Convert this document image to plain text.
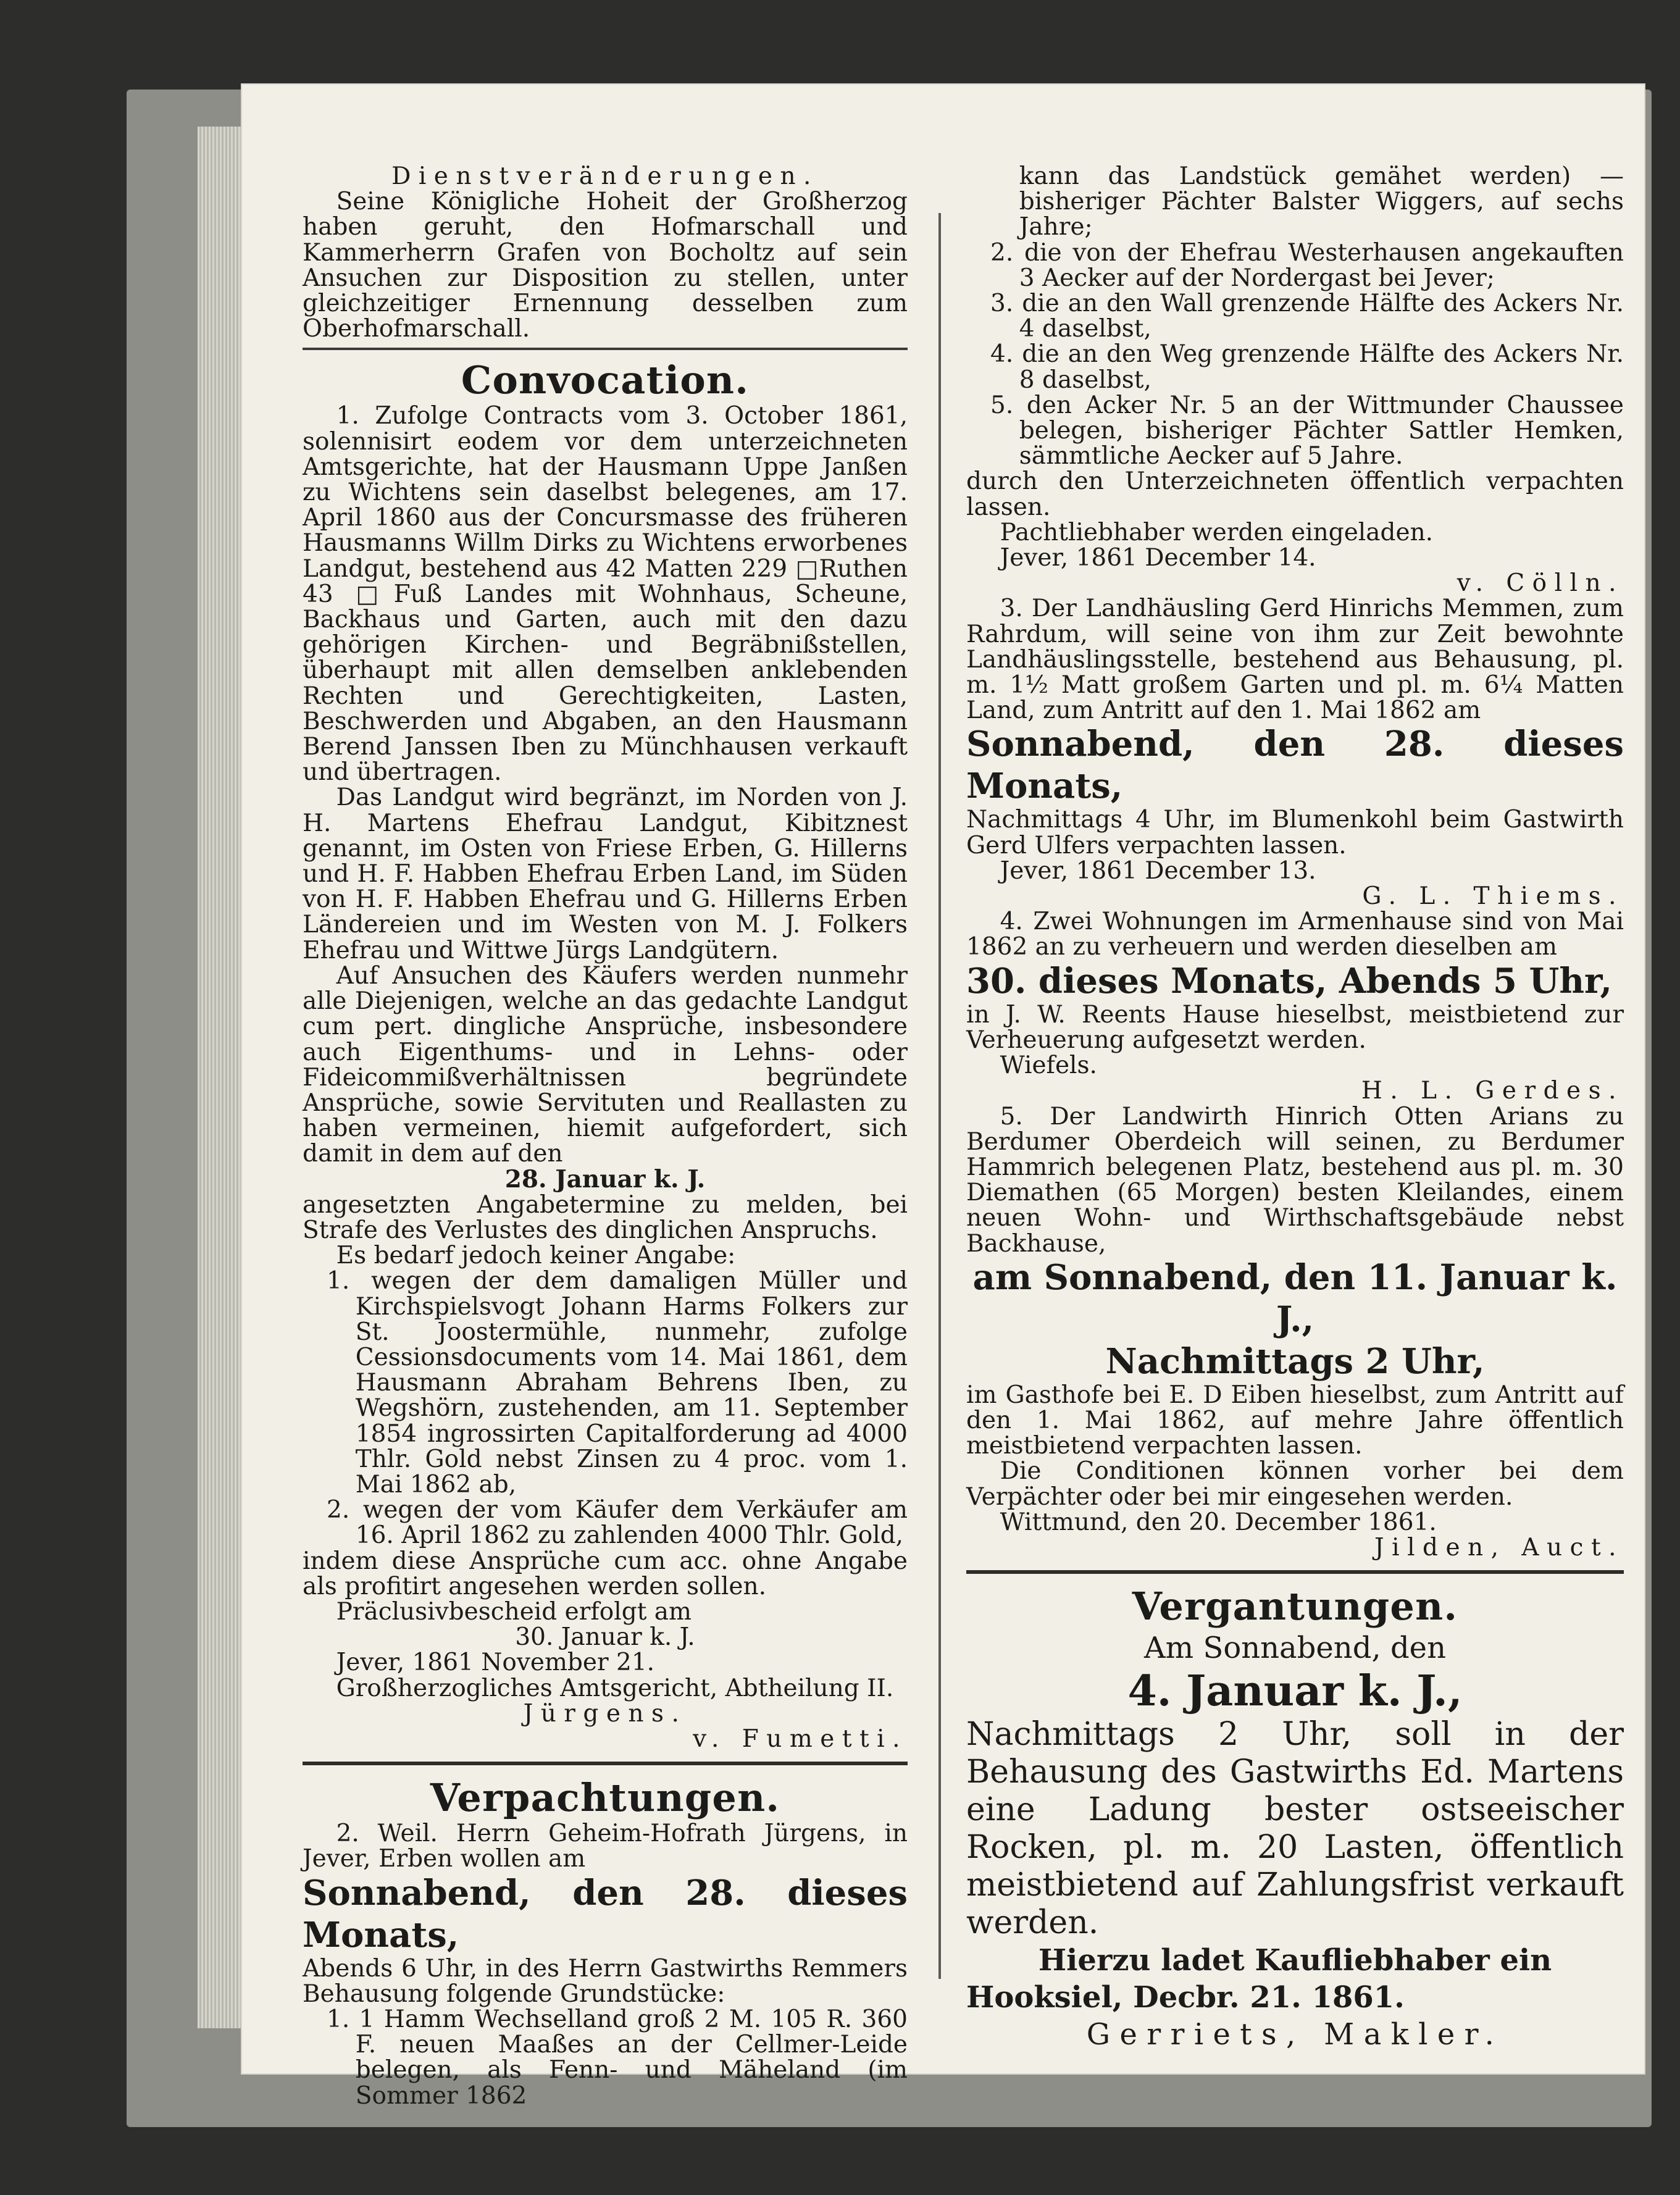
Dienstveränderungen.

Seine Königliche Hoheit der Großherzog haben geruht, den Hofmarschall und Kammerherrn Grafen von Bocholtz auf sein Ansuchen zur Disposition zu stellen, unter gleichzeitiger Ernennung desselben zum Oberhofmarschall.

Convocation.

1. Zufolge Contracts vom 3. October 1861, solennisirt eodem vor dem unterzeichneten Amtsgerichte, hat der Hausmann Uppe Janßen zu Wichtens sein daselbst belegenes, am 17. April 1860 aus der Concursmasse des früheren Hausmanns Willm Dirks zu Wichtens erworbenes Landgut, bestehend aus 42 Matten 229 □Ruthen 43 □Fuß Landes mit Wohnhaus, Scheune, Backhaus und Garten, auch mit den dazu gehörigen Kirchen- und Begräbnißstellen, überhaupt mit allen demselben anklebenden Rechten und Gerechtigkeiten, Lasten, Beschwerden und Abgaben, an den Hausmann Berend Janssen Iben zu Münchhausen verkauft und übertragen.

Das Landgut wird begränzt, im Norden von J. H. Martens Ehefrau Landgut, Kibitznest genannt, im Osten von Friese Erben, G. Hillerns und H. F. Habben Ehefrau Erben Land, im Süden von H. F. Habben Ehefrau und G. Hillerns Erben Ländereien und im Westen von M. J. Folkers Ehefrau und Wittwe Jürgs Landgütern.

Auf Ansuchen des Käufers werden nunmehr alle Diejenigen, welche an das gedachte Landgut cum pert. dingliche Ansprüche, insbesondere auch Eigenthums- und in Lehns- oder Fideicommißverhältnissen begründete Ansprüche, sowie Servituten und Reallasten zu haben vermeinen, hiemit aufgefordert, sich damit in dem auf den

28. Januar k. J.

angesetzten Angabetermine zu melden, bei Strafe des Verlustes des dinglichen Anspruchs.

Es bedarf jedoch keiner Angabe:

1. wegen der dem damaligen Müller und Kirchspielsvogt Johann Harms Folkers zur St. Joostermühle, nunmehr, zufolge Cessionsdocuments vom 14. Mai 1861, dem Hausmann Abraham Behrens Iben, zu Wegshörn, zustehenden, am 11. September 1854 ingrossirten Capitalforderung ad 4000 Thlr. Gold nebst Zinsen zu 4 proc. vom 1. Mai 1862 ab,

2. wegen der vom Käufer dem Verkäufer am 16. April 1862 zu zahlenden 4000 Thlr. Gold,

indem diese Ansprüche cum acc. ohne Angabe als profitirt angesehen werden sollen.

Präclusivbescheid erfolgt am

30. Januar k. J.

Jever, 1861 November 21.

Großherzogliches Amtsgericht, Abtheilung II.

Jürgens.

v. Fumetti.

Verpachtungen.

2. Weil. Herrn Geheim-Hofrath Jürgens, in Jever, Erben wollen am

Sonnabend, den 28. dieses Monats,

Abends 6 Uhr, in des Herrn Gastwirths Remmers Behausung folgende Grundstücke:

1. 1 Hamm Wechselland groß 2 M. 105 R. 360 F. neuen Maaßes an der Cellmer-Leide belegen, als Fenn- und Mäheland (im Sommer 1862

kann das Landstück gemähet werden) — bisheriger Pächter Balster Wiggers, auf sechs Jahre;

2. die von der Ehefrau Westerhausen angekauften 3 Aecker auf der Nordergast bei Jever;

3. die an den Wall grenzende Hälfte des Ackers Nr. 4 daselbst,

4. die an den Weg grenzende Hälfte des Ackers Nr. 8 daselbst,

5. den Acker Nr. 5 an der Wittmunder Chaussee belegen, bisheriger Pächter Sattler Hemken, sämmtliche Aecker auf 5 Jahre.

durch den Unterzeichneten öffentlich verpachten lassen.

Pachtliebhaber werden eingeladen.

Jever, 1861 December 14.

v. Cölln.

3. Der Landhäusling Gerd Hinrichs Memmen, zum Rahrdum, will seine von ihm zur Zeit bewohnte Landhäuslingsstelle, bestehend aus Behausung, pl. m. 1½ Matt großem Garten und pl. m. 6¼ Matten Land, zum Antritt auf den 1. Mai 1862 am

Sonnabend, den 28. dieses Monats,

Nachmittags 4 Uhr, im Blumenkohl beim Gastwirth Gerd Ulfers verpachten lassen.

Jever, 1861 December 13.

G. L. Thiems.

4. Zwei Wohnungen im Armenhause sind von Mai 1862 an zu verheuern und werden dieselben am

30. dieses Monats, Abends 5 Uhr,

in J. W. Reents Hause hieselbst, meistbietend zur Verheuerung aufgesetzt werden.

Wiefels.

H. L. Gerdes.

5. Der Landwirth Hinrich Otten Arians zu Berdumer Oberdeich will seinen, zu Berdumer Hammrich belegenen Platz, bestehend aus pl. m. 30 Diemathen (65 Morgen) besten Kleilandes, einem neuen Wohn- und Wirthschaftsgebäude nebst Backhause,

am Sonnabend, den 11. Januar k. J.,

Nachmittags 2 Uhr,

im Gasthofe bei E. D Eiben hieselbst, zum Antritt auf den 1. Mai 1862, auf mehre Jahre öffentlich meistbietend verpachten lassen.

Die Conditionen können vorher bei dem Verpächter oder bei mir eingesehen werden.

Wittmund, den 20. December 1861.

Jilden, Auct.

Vergantungen.

Am Sonnabend, den

4. Januar k. J.,

Nachmittags 2 Uhr, soll in der Behausung des Gastwirths Ed. Martens eine Ladung bester ostseeischer Rocken, pl. m. 20 Lasten, öffentlich meistbietend auf Zahlungsfrist verkauft werden.

Hierzu ladet Kaufliebhaber ein

Hooksiel, Decbr. 21. 1861.

Gerriets, Makler.
